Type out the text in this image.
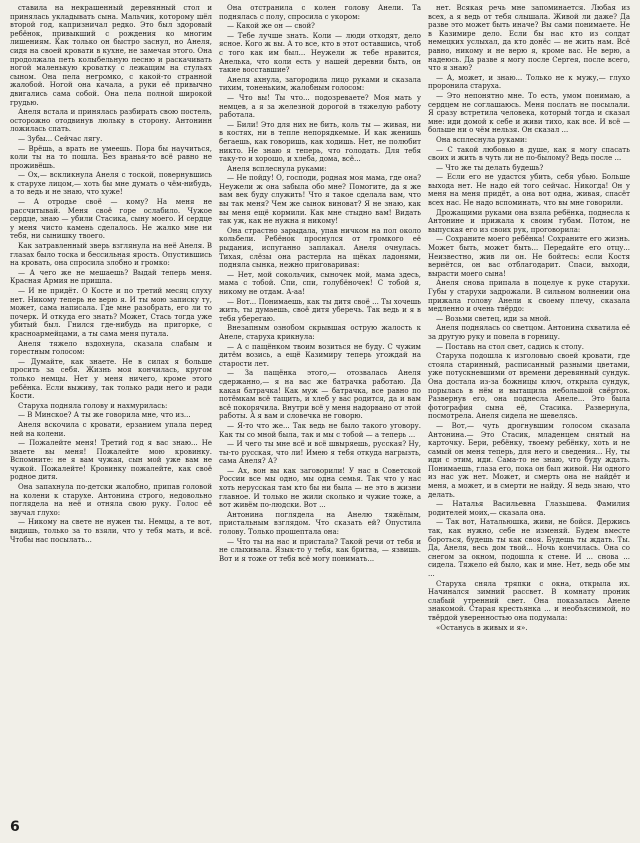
ставила на некрашенный деревянный стол и принялась укладывать сына. Мальчик, которому шёл второй год, капризничал редко. Это был здоровый ребёнок, привыкший с рождения ко многим лишениям. Как только он быстро заснул, но Анеля, сидя на своей кровати в кухне, не замечая этого. Она продолжала петь колыбельную песню и раскачивать ногой маленькую кроватку с лежащим на стульях сыном. Она пела негромко, с какой-то странной жалобой. Ногой она качала, а руки её привычно двигались сама собой. Она пела полной широкой грудью.

Анеля встала и принялась разбирать свою постель, осторожно отодвинув люльку в сторону. Антонинн ложилась спать.

— Зубы... Сейчас лягу.

— Врёшь, а врать не умеешь. Пора бы научиться, коли ты на то пошла. Без вранья-то всё равно не проживёшь.

— Ох,— вскликнула Анеля с тоской, повернувшись к старухе лицом,— хоть бы мне думать о чём-нибудь, а то ведь и не знаю, что хуже!

— А отродье своё — кому? На меня не рассчитывай. Меня своё горе ослабило. Чужое сердце, знаю — убили Стасика, сыну моего. И сердце у меня чисто камень сделалось. Не жалко мне ни тебя, ни сынишку твоего.

Как затравленный зверь взглянула на неё Анеля. В глазах было тоска и бессильная ярость. Опустившись на кровать, она спросила злобно и громко:

— А чего же не мешаешь? Выдай теперь меня. Красная Армия не пришла.

— И не придёт. О Косте и по третий месяц слуху нет. Никому теперь не верю я. И ты мою записку ту, может, сама написала. Где мне разобрать, его ли то почерк. И откуда его знать? Может, Стась тогда уже убитый был. Гнился где-нибудь на пригорке, с красноармейцами, а ты сама меня путала.

Анеля тяжело вздохнула, сказала слабым и горестным голосом:

— Думайте, как знаете. Не в силах я больше просить за себя. Жизнь моя кончилась, кругом только немцы. Нет у меня ничего, кроме этого ребёнка. Если выживу, так только ради него и ради Кости.

Старуха подняла голову и нахмурилась:

— В Минское? А ты же говорила мне, что из...

Анеля вскочила с кровати, ерзанием упала перед ней на колени.

— Пожалейте меня! Третий год я вас знаю... Не знаете вы меня! Пожалейте мою кровинку. Вспомните: не я вам чужая, сын мой уже вам не чужой. Пожалейте! Кровинку пожалейте, как своё родное дитя.

Она запахнула по-детски жалобно, припав головой на колени к старухе. Антонина строго, недовольно поглядела на неё и отняла свою руку. Голос её звучал глухо:

— Никому на свете не нужен ты. Немцы, а те вот, видишь, только за то взяли, что у тебя мать, и всё. Чтобы нас посылать...

Она отстранила с колен голову Анели. Та поднялась с полу, спросила с укором:

— Какой же он — свой?

— Тебе лучше знать. Коли — люди отходят, дело ясное. Кого ж вы. А то все, кто в этот оставшись, чтоб с того как им был... Неужели ж тебе нравится, Анелька, что коли есть у нашей деревни быть, он такие восставшие?

Анеля ахнула, загородила лицо руками и сказала тихим, тоненьким, жалобным голосом:

— Что вы! Ты что... подозреваете? Моя мать у немцев, а я за железной дорогой в тяжелую работу работала.

— Били! Это для них не бить, коль ты — живая, ни в костях, ни в тепле непорядкемые. И как женишь бегаешь, как говоришь, как ходишь. Нет, не полюбит никто. Не знаю я теперь, что голодать. Для тебя таку-то и хорошо, и хлеба, дома, всё...

Анеля всплеснула руками:

— Не пойду! О, господи, родная моя мама, где она? Неужели ж она забыла обо мне? Помогите, да я же вам век буду служить! Что я такое сделала вам, что вы так меня? Чем же сынок виноват? Я не знаю, как вы меня ещё кормили. Как мне стыдно вам! Видать так уж, как не нужна я никому!

Она страстно зарыдала, упав ничком на пол около кольбели. Ребёнок проснулся от громкого её рыдания, испуганно заплакал. Анеля очнулась. Тихая, слёзы она растерла на щёках ладонями, подняла сынка, нежно приговаривая:

— Нет, мой сокольчик, сыночек мой, мама здесь, мама с тобой. Спи, спи, голубёночек! С тобой я, никому не отдам. А-аа!

— Вот... Понимаешь, как ты дитя своё ... Ты хочешь жить, ты думаешь, своё дитя уберечь. Так ведь и я в тебя уберегаю.

Внезапным ознобом скрывшая острую жалость к Анеле, старуха крикнула:

— А с пащёнком твоим возиться не буду. С чужим дитём возись, а ещё Казимиру теперь угождай на старости лет.

— За пащёнка этого,— отозвалась Анеля сдержанно,— я на вас же батрачка работаю. Да какая батрачка! Как муж — батрачка, все равно по потёмкам всё тащить, и хлеб у вас родится, да и вам всё покорячила. Внутри всё у меня надорвано от этой работы. А я вам и словечка не говорю.

— Я-то что же... Так ведь не было такого уговору. Как ты со мной была, так и мы с тобой — а теперь ...

— И чего ты мне всё и всё швыряешь, русская? Ну, ты-то русская, что ли! Имею я тебя откуда нагрызть, сама Анеля? А?

— Ах, вон вы как заговорили! У нас в Советской России все мы одно, мы одна семья. Так что у нас хоть нерусская там кто бы ни была — не это в жизни главное. И только не жили сколько и чужие тоже, а вот живём по-людски. Вот ...

Антонина поглядела на Анелю тяжёлым, пристальным взглядом. Что сказать ей? Опустила голову. Только прошептала она:

— Что ты на нас и пристала? Такой речи от тебя и не слыхивала. Язык-то у тебя, как бритва, — язвишь. Вот и я тоже от тебя всё могу понимать...

нет. Всякая речь мне запоминается. Любая из всех, а я ведь от тебя слышала. Живой ли даже? Да разве это может быть иначе? Вы сами понимаете. Не в Казимире дело. Если бы нас кто из солдат немецких услыхал, да кто донёс — не жить нам. Всё равно, никому и не верю я, кроме вас. Не верю, а надеюсь. Да разве я могу после Сергея, после всего, что я знаю?

— А, может, и знаю... Только не к мужу,— глухо проронила старуха.

— Это непонятно мне. То есть, умом понимаю, а сердцем не соглашаюсь. Меня послать не посылали. Я сразу встретила человека, который тогда и сказал мне: иди домой к себе и живи тихо, как все. И всё — больше ни о чём нельзя. Он сказал ...

Она всплеснула руками:

— С такой любовью в душе, как я могу спасать своих и жить в чуть ли не по-былому? Ведь после ...

— Что же ты делать будешь?

— Если его не удастся убить, себя убью. Больше выхода нет. Не надо ей того сейчас. Никогда! Он у меня на меня придёт, а она вот одна, живая, спасёт всех нас. Не надо вспоминать, что вы мне говорили.

Дрожащими руками она взяла ребёнка, поднесла к Антонине и прижала к своим губам. Потом, не выпуская его из своих рук, проговорила:

— Сохраните моего ребёнка! Сохраните его жизнь. Может быть, может быть... Передайте его отцу... Неизвестно, жив ли он. Не бойтесь: если Костя вернётся, он вас отблагодарит. Спаси, выходи, вырасти моего сына!

Анеля снова припала в поцелуе к руке старухи. Губы у старухи задрожали. В сильном волнении она прижала голову Анели к своему плечу, сказала медленно и очень твёрдо:

— Возьми светец, иди за мной.

Анеля поднялась со светцом. Антонина схватила её за другую руку и повела в горницу.

— Поставь на стол свет, садись к столу.

Старуха подошла к изголовью своей кровати, где стояла старинный, расписанный разными цветами, уже потускневшими от времени деревянный сундук. Она достала из-за божницы ключ, открыла сундук, порылась в нём и вытащила небольшой свёрток. Развернув его, она поднесла Анеле... Это была фотография сына её, Стасика. Развернула, посмотрела. Анеля сидела не шевелясь.

— Вот,— чуть дрогнувшим голосом сказала Антонина.— Это Стасик, младенцем снятый на карточку. Бери, ребёнку, твоему ребёнку, хоть и не самый он меня теперь, для него и сведения... Ну, ты иди с этим, иди. Сама-то не знаю, что буду ждать. Понимаешь, глаза его, пока он был живой. Ни одного из нас уж нет. Может, и смерть она не найдёт и меня, а может, и в смерти не найду. Я ведь знаю, что делать.

— Наталья Васильевна Глазьшева. Фамилия родителей моих,— сказала она.

— Так вот, Натальюшка, живи, не бойся. Держись так, как нужно, себе не изменяй. Будем вместе бороться, будешь ты как своя. Будешь ты ждать. Ты. Да, Анеля, весь дом твой... Ночь кончилась. Она со снегом за окном, подошла к стене. И ... снова ... сидела. Тяжело ей было, как и мне. Нет, ведь обе мы ...

Старуха сняла тряпки с окна, открыла их. Начинался зимний рассвет. В комнату проник слабый утренний свет. Она показалась Анеле знакомой. Старая крестьянка ... и необъяснимой, но твёрдой уверенностью она подумала:

«Останусь в живых и я».

6
